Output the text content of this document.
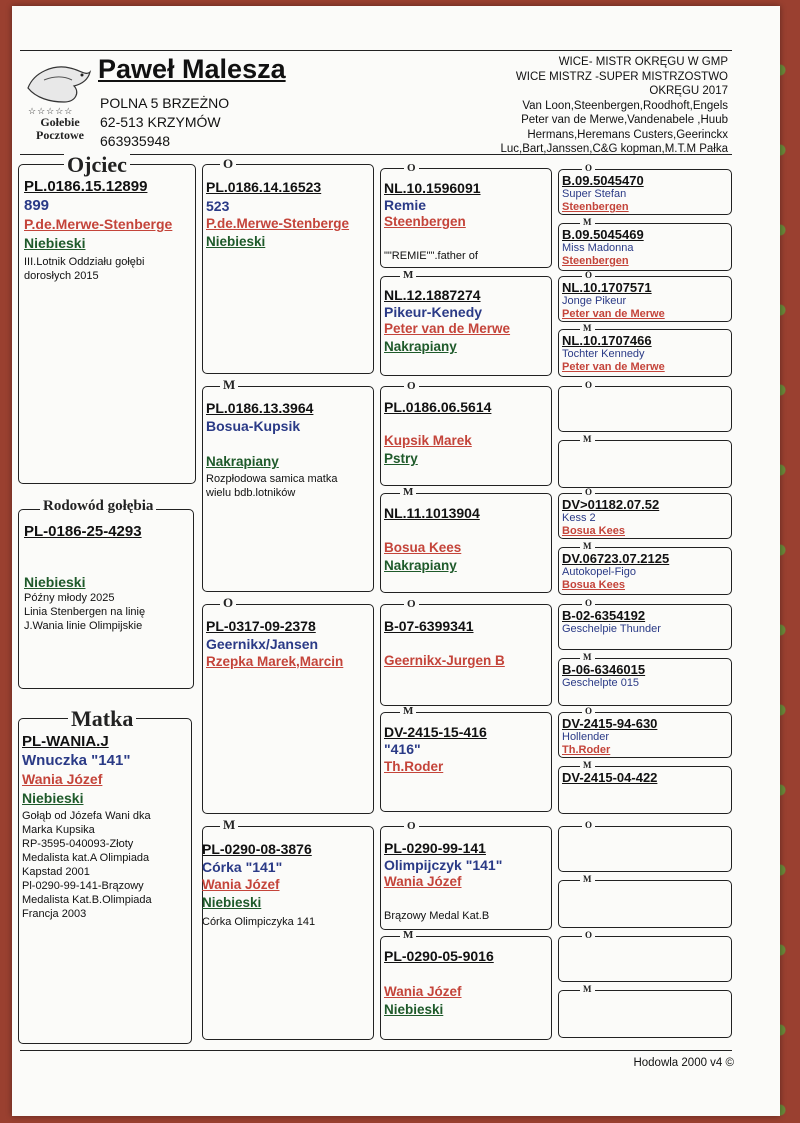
☆☆☆☆☆
Gołebie
Pocztowe
Paweł Malesza
POLNA 5 BRZEŻNO
62-513 KRZYMÓW
663935948
WICE- MISTR OKRĘGU W GMP
WICE MISTRZ -SUPER MISTRZOSTWO
OKRĘGU 2017
Van Loon,Steenbergen,Roodhoft,Engels
Peter van de Merwe,Vandenabele ,Huub
Hermans,Heremans Custers,Geerinckx
Luc,Bart,Janssen,C&G kopman,M.T.M Pałka
Ojciec
PL.0186.15.12899
899
P.de.Merwe-Stenberge
Niebieski
III.Lotnik Oddziału gołębi
dorosłych 2015
Rodowód gołębia
PL-0186-25-4293
Niebieski
Późny młody 2025
Linia Stenbergen na linię
J.Wania linie Olimpijskie
Matka
PL-WANIA.J
Wnuczka "141"
Wania Józef
Niebieski
Gołąb od Józefa Wani dka
Marka Kupsika
RP-3595-040093-Złoty
Medalista kat.A Olimpiada
Kapstad 2001
Pl-0290-99-141-Brązowy
Medalista Kat.B.Olimpiada
Francja 2003
O
PL.0186.14.16523
523
P.de.Merwe-Stenberge
Niebieski
M
PL.0186.13.3964
Bosua-Kupsik
Nakrapiany
Rozpłodowa samica matka
wielu bdb.lotników
O
PL-0317-09-2378
Geernikx/Jansen
Rzepka Marek,Marcin
M
PL-0290-08-3876
Córka "141"
Wania Józef
Niebieski
Córka Olimpiczyka 141
O
NL.10.1596091
Remie
Steenbergen
""REMIE"".father of
M
NL.12.1887274
Pikeur-Kenedy
Peter van de Merwe
Nakrapiany
O
PL.0186.06.5614
Kupsik Marek
Pstry
M
NL.11.1013904
Bosua Kees
Nakrapiany
O
B-07-6399341
Geernikx-Jurgen B
M
DV-2415-15-416
"416"
Th.Roder
O
PL-0290-99-141
Olimpijczyk "141"
Wania Józef
Brązowy Medal Kat.B
M
PL-0290-05-9016
Wania Józef
Niebieski
O
B.09.5045470
Super Stefan
Steenbergen
M
B.09.5045469
Miss Madonna
Steenbergen
O
NL.10.1707571
Jonge Pikeur
Peter van de Merwe
M
NL.10.1707466
Tochter Kennedy
Peter van de Merwe
O
M
O
DV>01182.07.52
Kess 2
Bosua Kees
M
DV.06723.07.2125
Autokopel-Figo
Bosua Kees
O
B-02-6354192
Geschelpie Thunder
M
B-06-6346015
Geschelpte 015
O
DV-2415-94-630
Hollender
Th.Roder
M
DV-2415-04-422
O
M
O
M
Hodowla 2000 v4 ©
